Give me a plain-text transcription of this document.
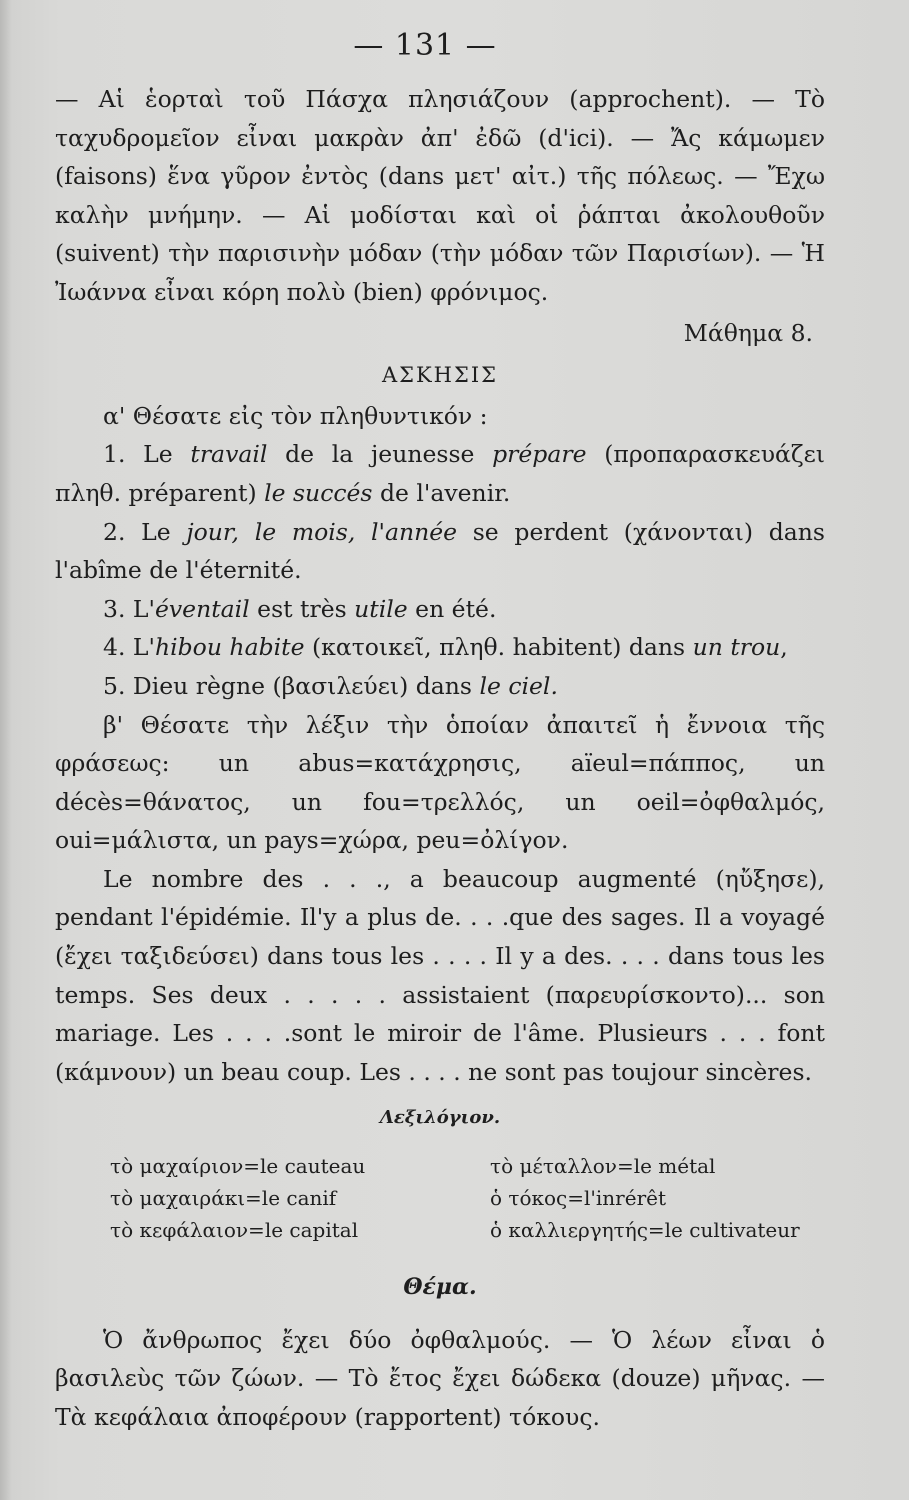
— 131 —

— Αἱ ἑορταὶ τοῦ Πάσχα πλησιάζουν (approchent). — Τὸ ταχυδρομεῖον εἶναι μακρὰν ἀπ' ἐδῶ (d'ici). — Ἄς κάμωμεν (faisons) ἕνα γῦρον ἐντὸς (dans μετ' αἰτ.) τῆς πόλεως. — Ἔχω καλὴν μνήμην. — Αἱ μοδίσται καὶ οἱ ῥάπται ἀκολουθοῦν (suivent) τὴν παρισινὴν μόδαν (τὴν μόδαν τῶν Παρισίων). — Ἡ Ἰωάννα εἶναι κόρη πολὺ (bien) φρόνιμος.

Μάθημα 8.
ΑΣΚΗΣΙΣ
α' Θέσατε εἰς τὸν πληθυντικόν :

1. Le travail de la jeunesse prépare (προπαρασκευάζει πληθ. préparent) le succés de l'avenir.

2. Le jour, le mois, l'année se perdent (χάνονται) dans l'abîme de l'éternité.

3. L'éventail est très utile en été.

4. L'hibou habite (κατοικεῖ, πληθ. habitent) dans un trou,

5. Dieu règne (βασιλεύει) dans le ciel.

β' Θέσατε τὴν λέξιν τὴν ὁποίαν ἀπαιτεῖ ἡ ἔννοια τῆς φράσεως: un abus=κατάχρησις, aïeul=πάππος, un décès=θάνατος, un fou=τρελλός, un oeil=ὀφθαλμός, oui=μάλιστα, un pays=χώρα, peu=ὀλίγον.

Le nombre des . . ., a beaucoup augmenté (ηὔξησε), pendant l'épidémie. Il'y a plus de. . . .que des sages. Il a voyagé (ἔχει ταξιδεύσει) dans tous les . . . . Il y a des. . . . dans tous les temps. Ses deux . . . . . assistaient (παρευρίσκοντο)... son mariage. Les . . . .sont le miroir de l'âme. Plusieurs . . . font (κάμνουν) un beau coup. Les . . . . ne sont pas toujour sincères.

Λεξιλόγιον.
τὸ μαχαίριον=le cauteau	τὸ μέταλλον=le métal
τὸ μαχαιράκι=le canif	ὁ τόκος=l'inrérêt
τὸ κεφάλαιον=le capital	ὁ καλλιεργητής=le cultivateur
Θέμα.

Ὁ ἄνθρωπος ἔχει δύο ὀφθαλμούς. — Ὁ λέων εἶναι ὁ βασιλεὺς τῶν ζώων. — Τὸ ἔτος ἔχει δώδεκα (douze) μῆνας. — Τὰ κεφάλαια ἀποφέρουν (rapportent) τόκους.
